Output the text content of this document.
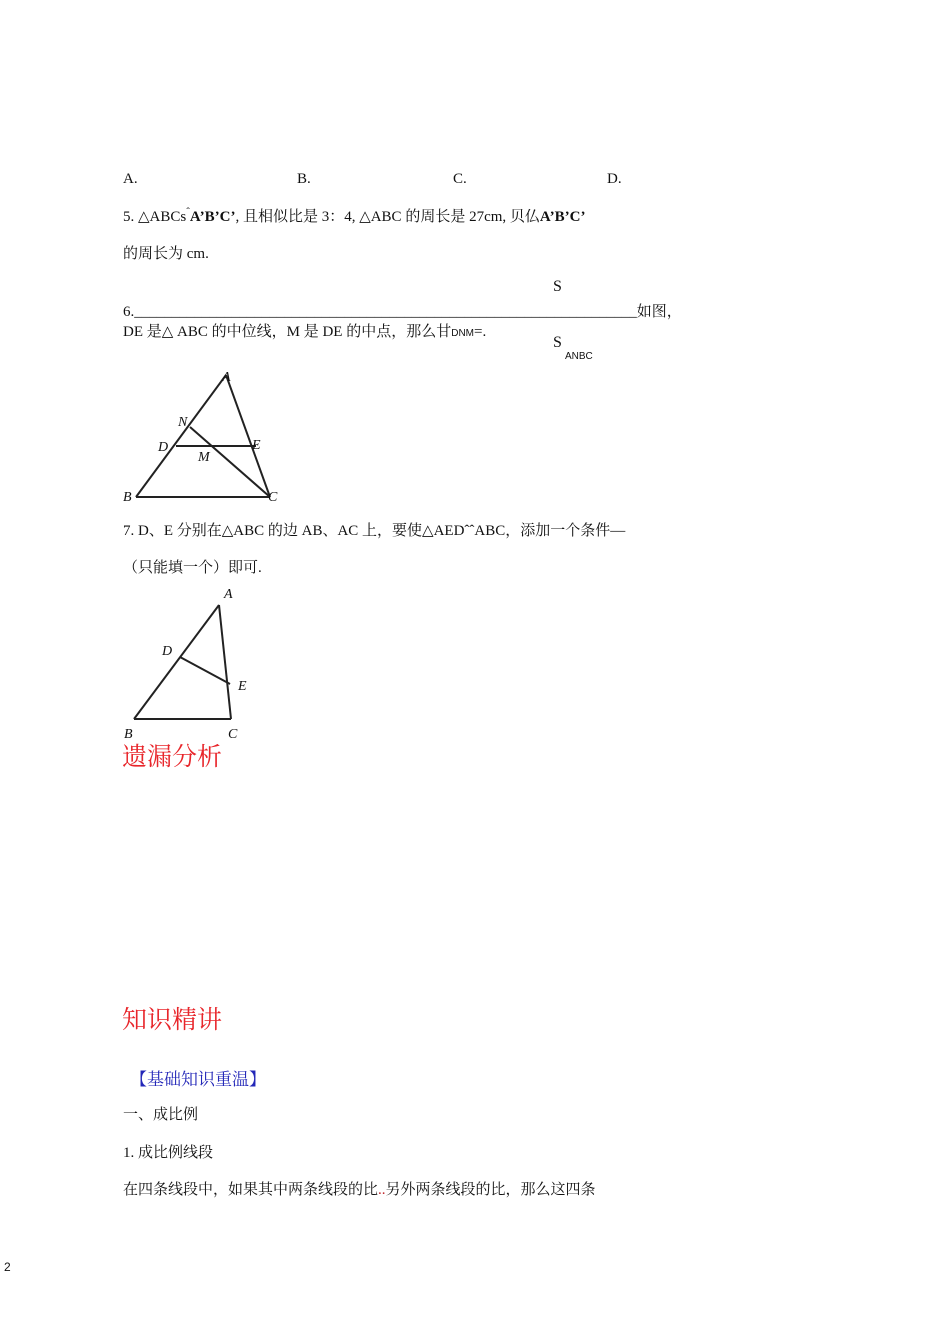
A.	B.	C.	D.
5. △ABCs$^ˆ$A’B’C’, 且相似比是 3：4, △ABC 的周长是 27cm, 贝仏A’B’C’
的周长为 cm.
S
6.___________________________________________________________________如图，
DE 是△ ABC 的中位线，M 是 DE 的中点，那么甘DNM=.
S
ANBC
A
N
D	E
M
B	C
7. D、E 分别在△ABC 的边 AB、AC 上，要使△AEDˆˆABC，添加一个条件—
（只能填一个）即可.
A
D
E
B	C
遗漏分析
知识精讲
【基础知识重温】
一、成比例
1. 成比例线段
在四条线段中，如果其中两条线段的比..另外两条线段的比，那么这四条
2
